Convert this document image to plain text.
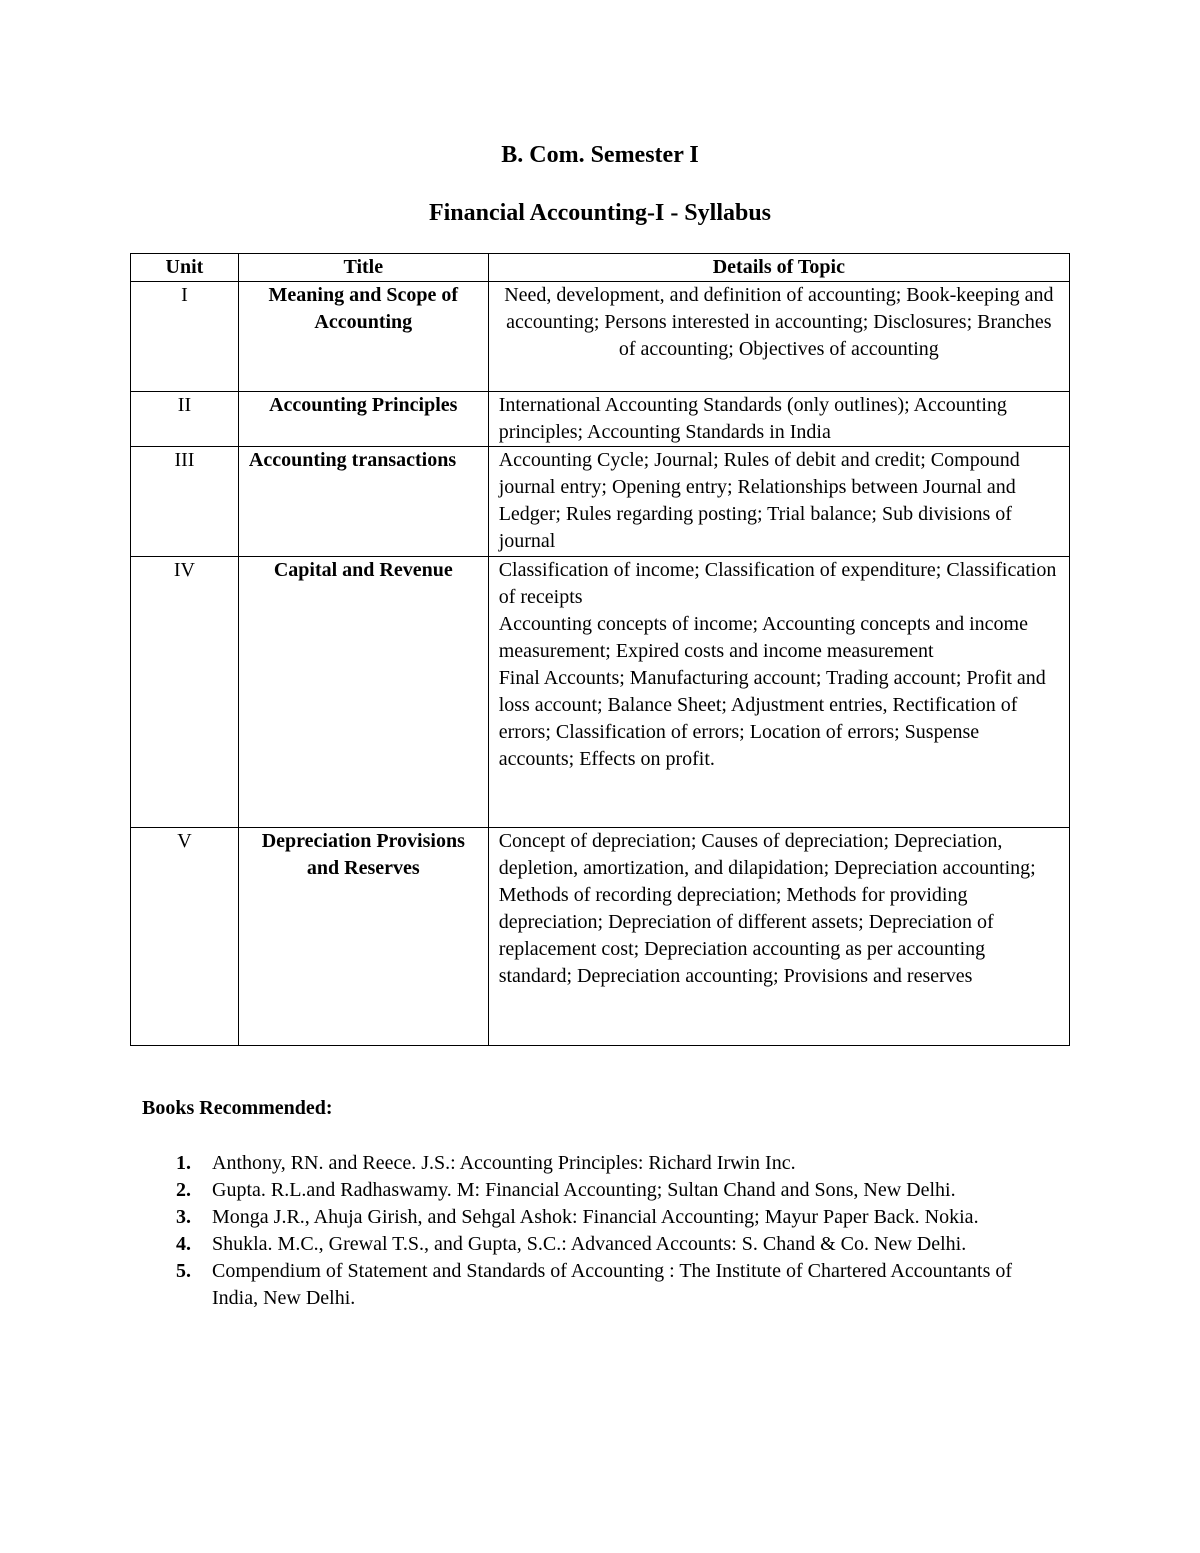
B. Com. Semester I
Financial Accounting-I - Syllabus
Unit	Title	Details of Topic
I	Meaning and Scope of Accounting	Need, development, and definition of accounting; Book-keeping and accounting; Persons interested in accounting; Disclosures; Branches of accounting; Objectives of accounting

II	Accounting Principles	International Accounting Standards (only outlines); Accounting principles; Accounting Standards in India

III	Accounting transactions	Accounting Cycle; Journal; Rules of debit and credit; Compound journal entry; Opening entry; Relationships between Journal and Ledger; Rules regarding posting; Trial balance; Sub divisions of journal

IV	Capital and Revenue	Classification of income; Classification of expenditure; Classification of receipts
Accounting concepts of income; Accounting concepts and income measurement; Expired costs and income measurement
Final Accounts; Manufacturing account; Trading account; Profit and loss account; Balance Sheet; Adjustment entries, Rectification of errors; Classification of errors; Location of errors; Suspense accounts; Effects on profit.

V	Depreciation Provisions and Reserves	Concept of depreciation; Causes of depreciation; Depreciation, depletion, amortization, and dilapidation; Depreciation accounting; Methods of recording depreciation; Methods for providing depreciation; Depreciation of different assets; Depreciation of replacement cost; Depreciation accounting as per accounting standard; Depreciation accounting; Provisions and reserves
Books Recommended:
1. Anthony, RN. and Reece. J.S.: Accounting Principles: Richard Irwin Inc.
2. Gupta. R.L.and Radhaswamy. M: Financial Accounting; Sultan Chand and Sons, New Delhi.
3. Monga J.R., Ahuja Girish, and Sehgal Ashok: Financial Accounting; Mayur Paper Back. Nokia.
4. Shukla. M.C., Grewal T.S., and Gupta, S.C.: Advanced Accounts: S. Chand & Co. New Delhi.
5. Compendium of Statement and Standards of Accounting : The Institute of Chartered Accountants of India, New Delhi.
